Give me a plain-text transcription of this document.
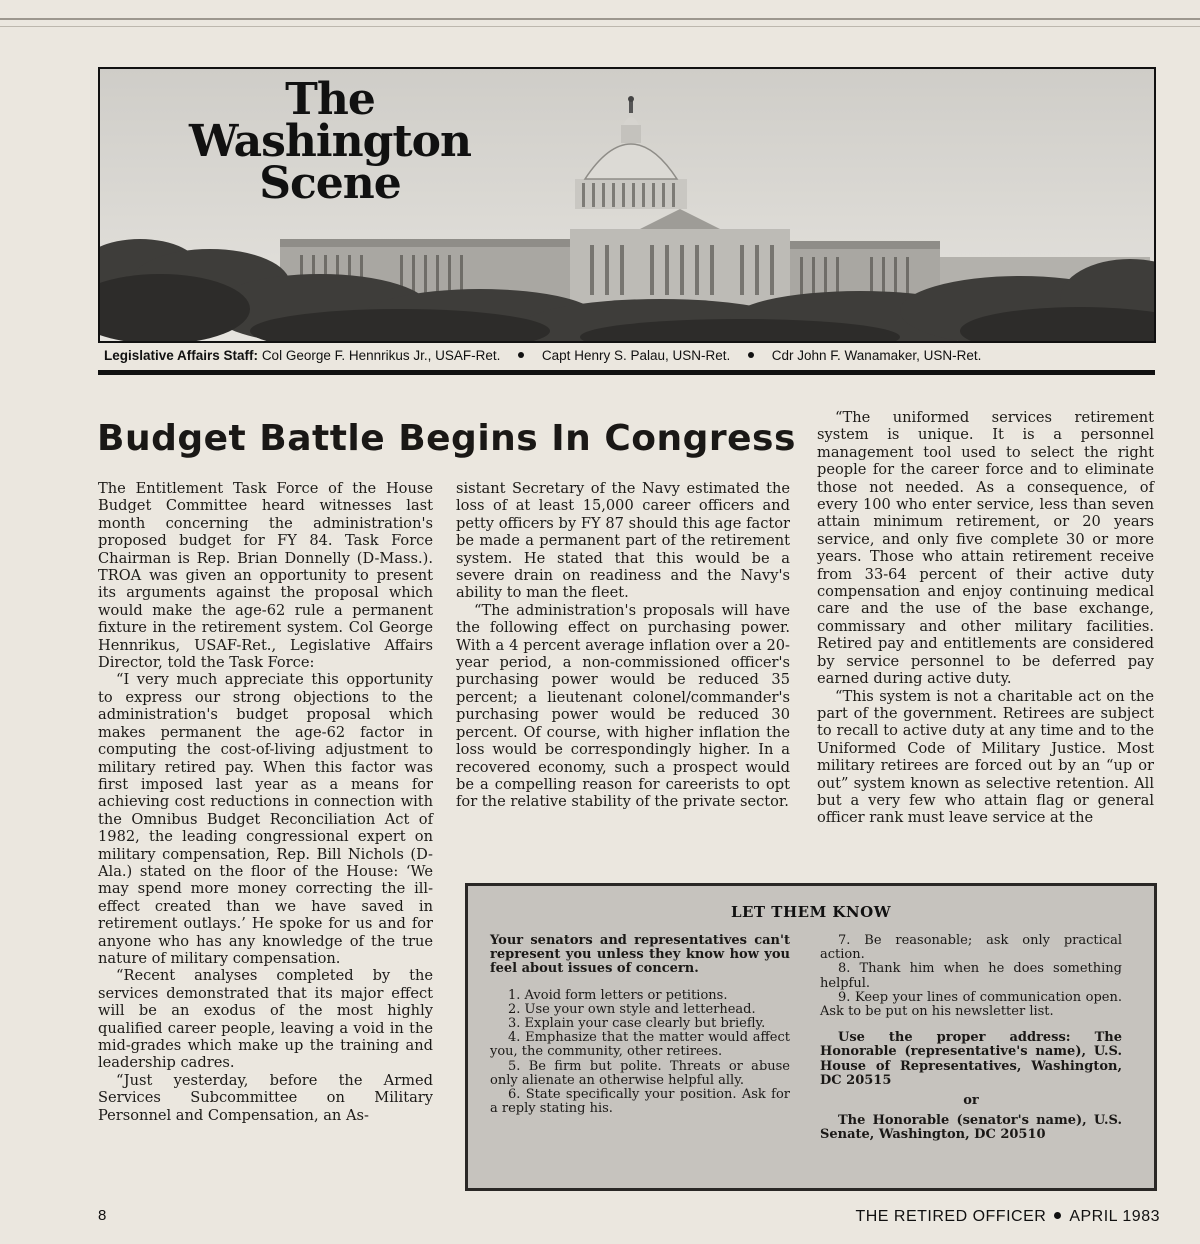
The
Washington
Scene
Legislative Affairs Staff: Col George F. Hennrikus Jr., USAF-Ret.	Capt Henry S. Palau, USN-Ret.	Cdr John F. Wanamaker, USN-Ret.
Budget Battle Begins In Congress

The Entitlement Task Force of the House Budget Committee heard witnesses last month concerning the administration's proposed budget for FY 84. Task Force Chairman is Rep. Brian Donnelly (D-Mass.). TROA was given an opportunity to present its arguments against the proposal which would make the age-62 rule a permanent fixture in the retirement system. Col George Hennrikus, USAF-Ret., Legislative Affairs Director, told the Task Force:

“I very much appreciate this opportunity to express our strong objections to the administration's budget proposal which makes permanent the age-62 factor in computing the cost-of-living adjustment to military retired pay. When this factor was first imposed last year as a means for achieving cost reductions in connection with the Omnibus Budget Reconciliation Act of 1982, the leading congressional expert on military compensation, Rep. Bill Nichols (D-Ala.) stated on the floor of the House: ‘We may spend more money correcting the ill-effect created than we have saved in retirement outlays.’ He spoke for us and for anyone who has any knowledge of the true nature of military compensation.

“Recent analyses completed by the services demonstrated that its major effect will be an exodus of the most highly qualified career people, leaving a void in the mid-grades which make up the training and leadership cadres.

“Just yesterday, before the Armed Services Subcommittee on Military Personnel and Compensation, an As-

sistant Secretary of the Navy estimated the loss of at least 15,000 career officers and petty officers by FY 87 should this age factor be made a permanent part of the retirement system. He stated that this would be a severe drain on readiness and the Navy's ability to man the fleet.

“The administration's proposals will have the following effect on purchasing power. With a 4 percent average inflation over a 20-year period, a non-commissioned officer's purchasing power would be reduced 35 percent; a lieutenant colonel/commander's purchasing power would be reduced 30 percent. Of course, with higher inflation the loss would be correspondingly higher. In a recovered economy, such a prospect would be a compelling reason for careerists to opt for the relative stability of the private sector.

“The uniformed services retirement system is unique. It is a personnel management tool used to select the right people for the career force and to eliminate those not needed. As a consequence, of every 100 who enter service, less than seven attain minimum retirement, or 20 years service, and only five complete 30 or more years. Those who attain retirement receive from 33-64 percent of their active duty compensation and enjoy continuing medical care and the use of the base exchange, commissary and other military facilities. Retired pay and entitlements are considered by service personnel to be deferred pay earned during active duty.

“This system is not a charitable act on the part of the government. Retirees are subject to recall to active duty at any time and to the Uniformed Code of Military Justice. Most military retirees are forced out by an “up or out” system known as selective retention. All but a very few who attain flag or general officer rank must leave service at the

LET THEM KNOW

Your senators and representatives can't represent you unless they know how you feel about issues of concern.

1. Avoid form letters or petitions.

2. Use your own style and letterhead.

3. Explain your case clearly but briefly.

4. Emphasize that the matter would affect you, the community, other retirees.

5. Be firm but polite. Threats or abuse only alienate an otherwise helpful ally.

6. State specifically your position. Ask for a reply stating his.

7. Be reasonable; ask only practical action.

8. Thank him when he does something helpful.

9. Keep your lines of communication open. Ask to be put on his newsletter list.

Use the proper address: The Honorable (representative's name), U.S. House of Representatives, Washington, DC 20515

or

The Honorable (senator's name), U.S. Senate, Washington, DC 20510

8	THE RETIRED OFFICER APRIL 1983
